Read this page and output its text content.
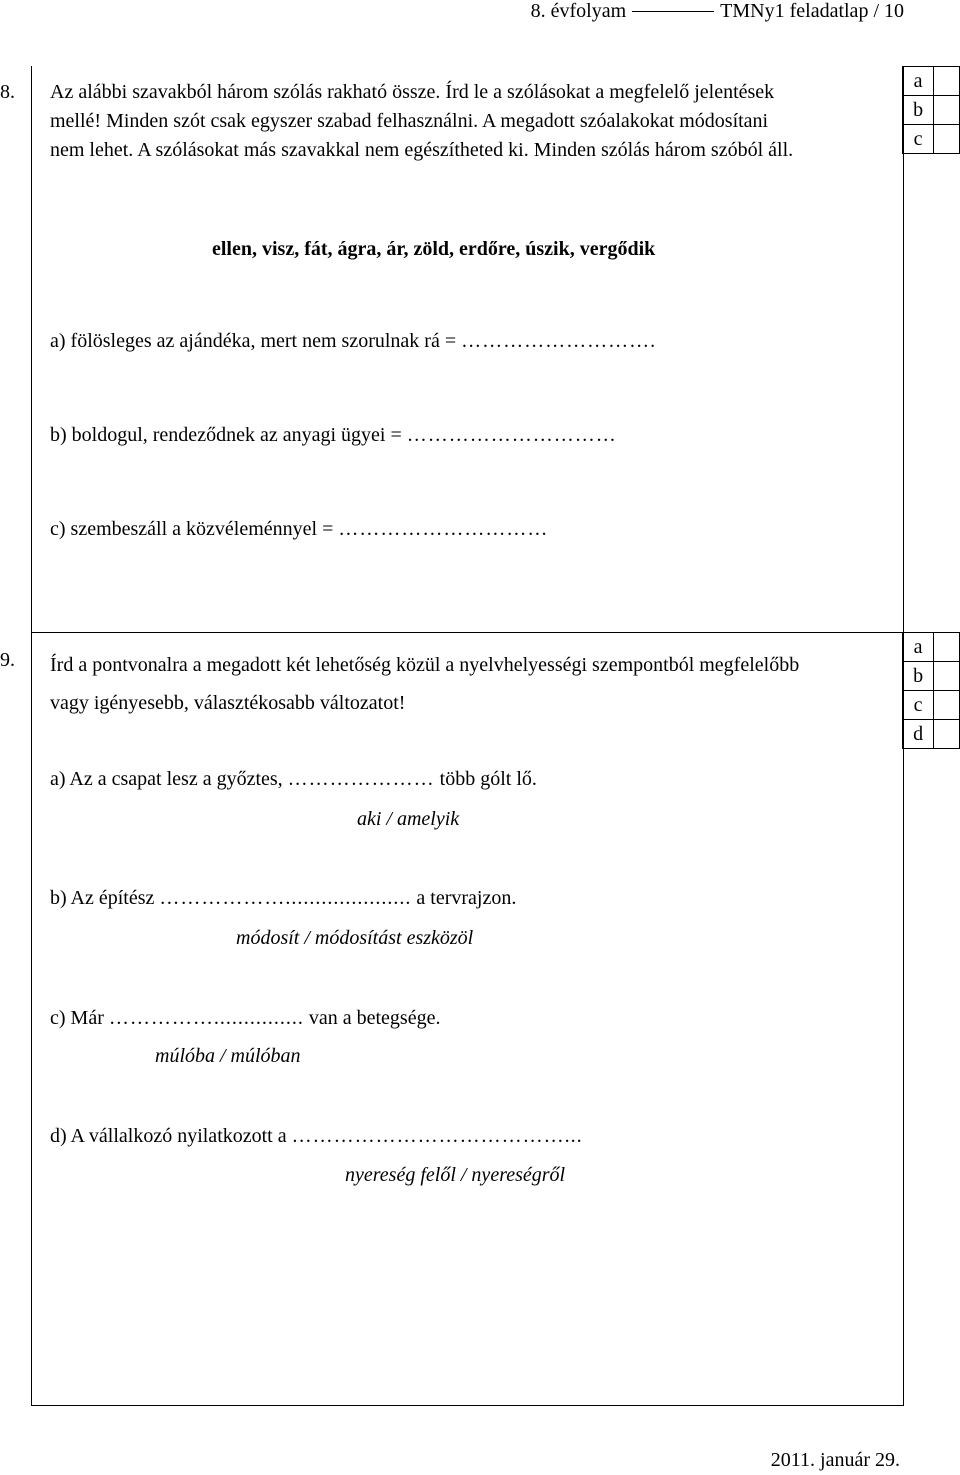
8. évfolyam	TMNy1 feladatlap / 10
8. Az alábbi szavakból három szólás rakható össze. Írd le a szólásokat a megfelelő jelentések
mellé! Minden szót csak egyszer szabad felhasználni. A megadott szóalakokat módosítani
nem lehet. A szólásokat más szavakkal nem egészítheted ki. Minden szólás három szóból áll.
a	
b	
c	
ellen, visz, fát, ágra, ár, zöld, erdőre, úszik, vergődik
a) fölösleges az ajándéka, mert nem szorulnak rá = ……………………….
b) boldogul, rendeződnek az anyagi ügyei = …………………………
c) szembeszáll a közvéleménnyel = …………………………
9. Írd a pontvonalra a megadott két lehetőség közül a nyelvhelyességi szempontból megfelelőbb
vagy igényesebb, választékosabb változatot!
a	
b	
c	
d	
a) Az a csapat lesz a győztes, ………………… több gólt lő.
aki / amelyik
b) Az építész ………………..................... a tervrajzon.
módosít / módosítást eszközöl
c) Már ……………............... van a betegsége.
múlóba / múlóban
d) A vállalkozó nyilatkozott a …………………………………...
nyereség felől / nyereségről
2011. január 29.
